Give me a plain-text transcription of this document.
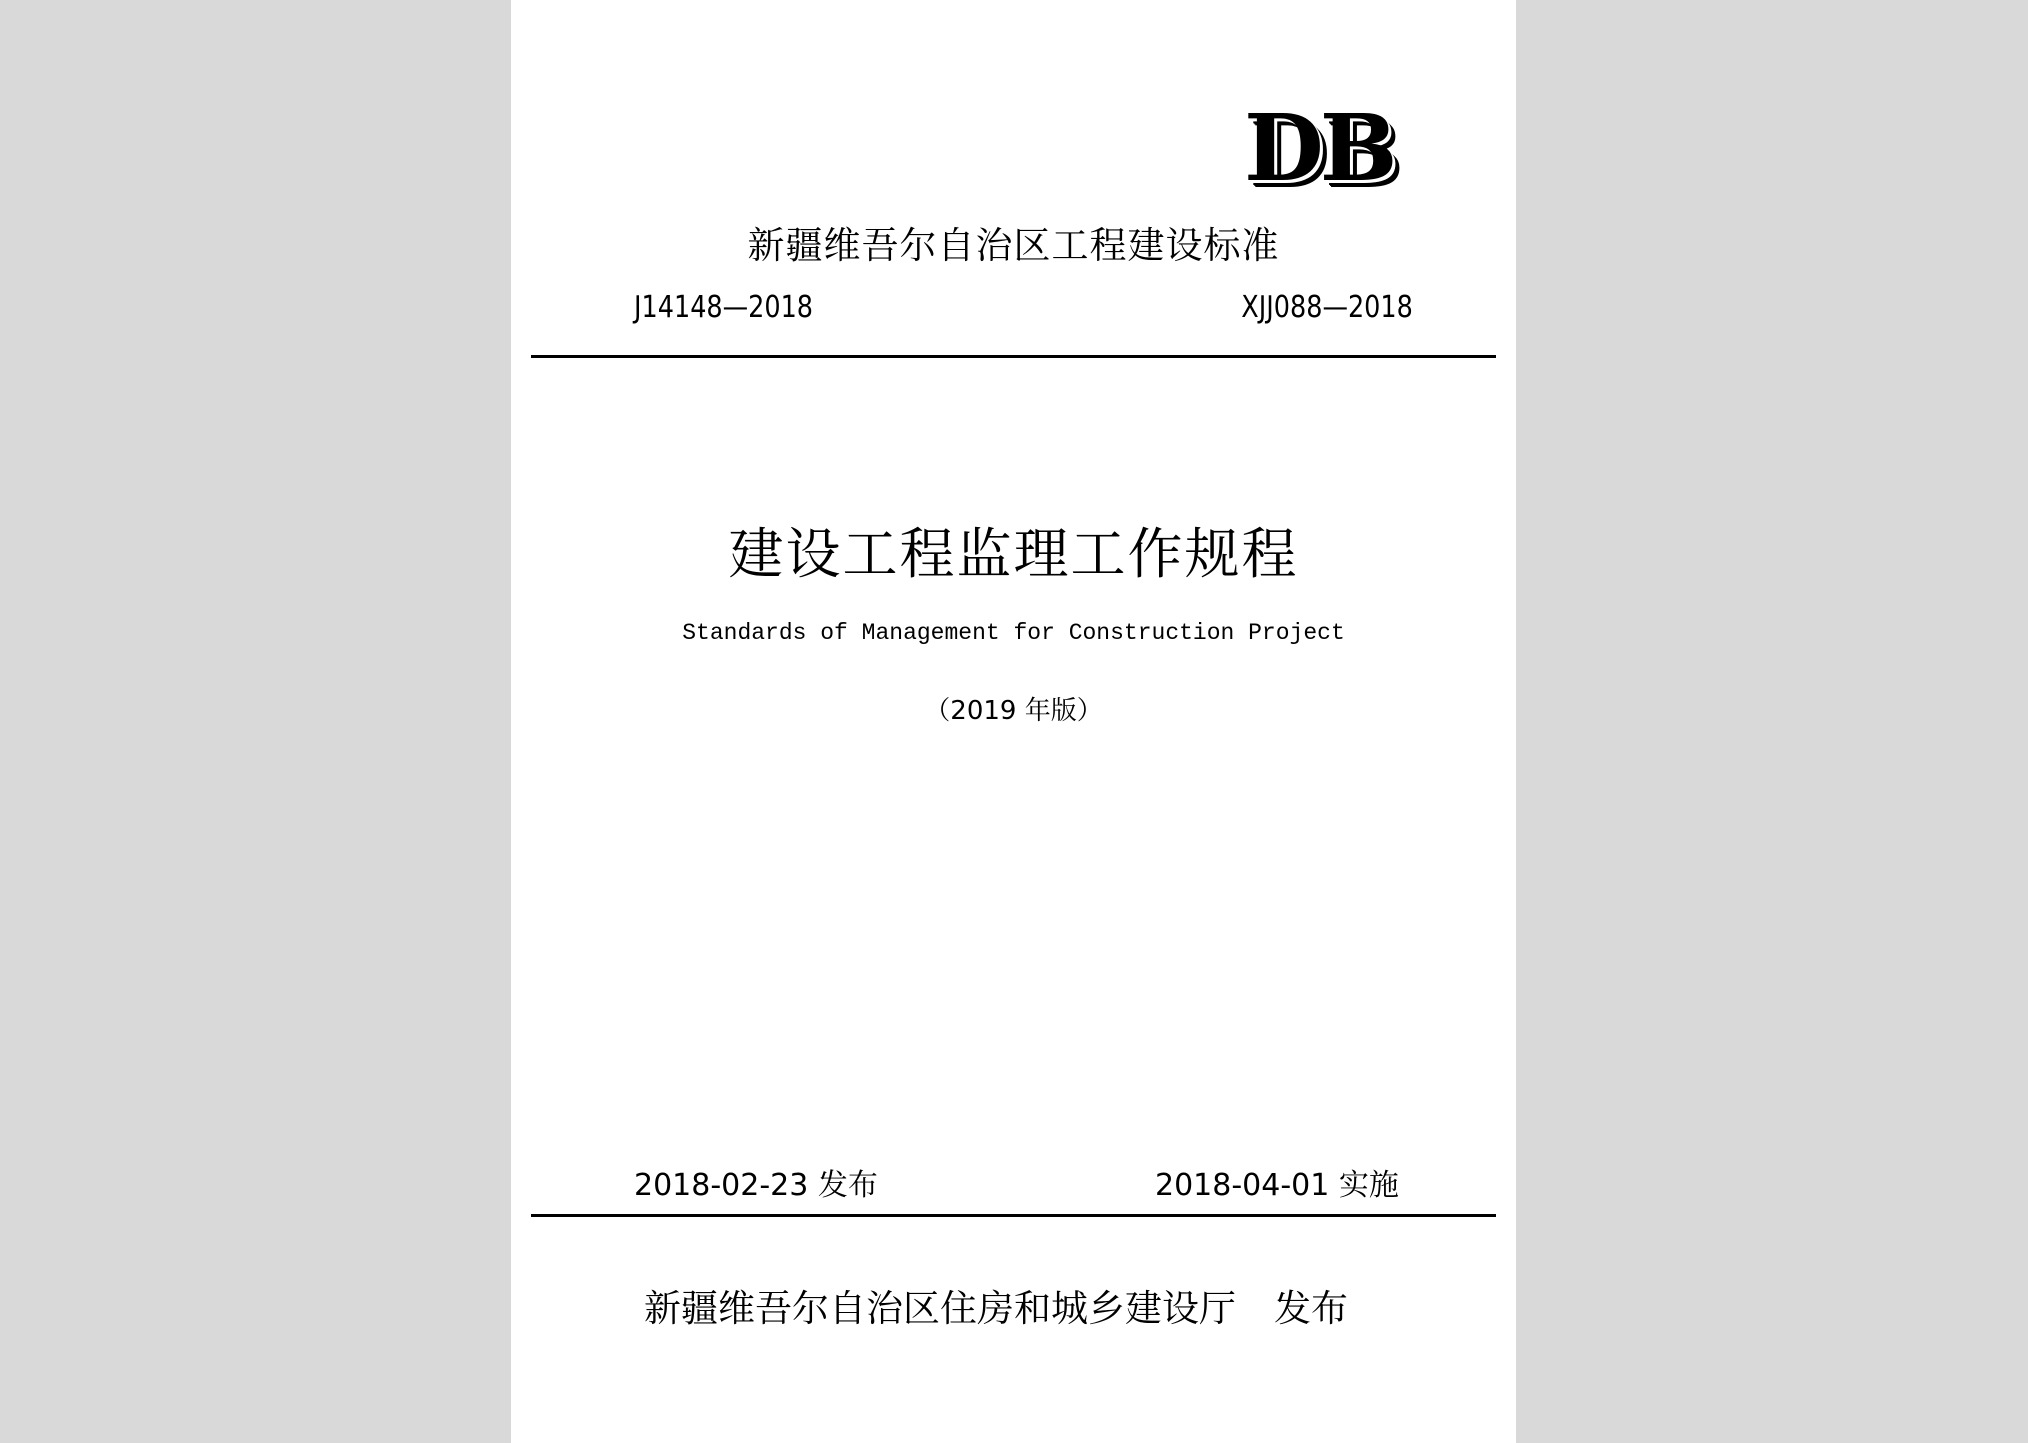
DB
新疆维吾尔自治区工程建设标准
J14148—2018	XJJ088—2018
建设工程监理工作规程
Standards of Management for Construction Project
（2019 年版）
2018-02-23 发布	2018-04-01 实施
新疆维吾尔自治区住房和城乡建设厅 发布
